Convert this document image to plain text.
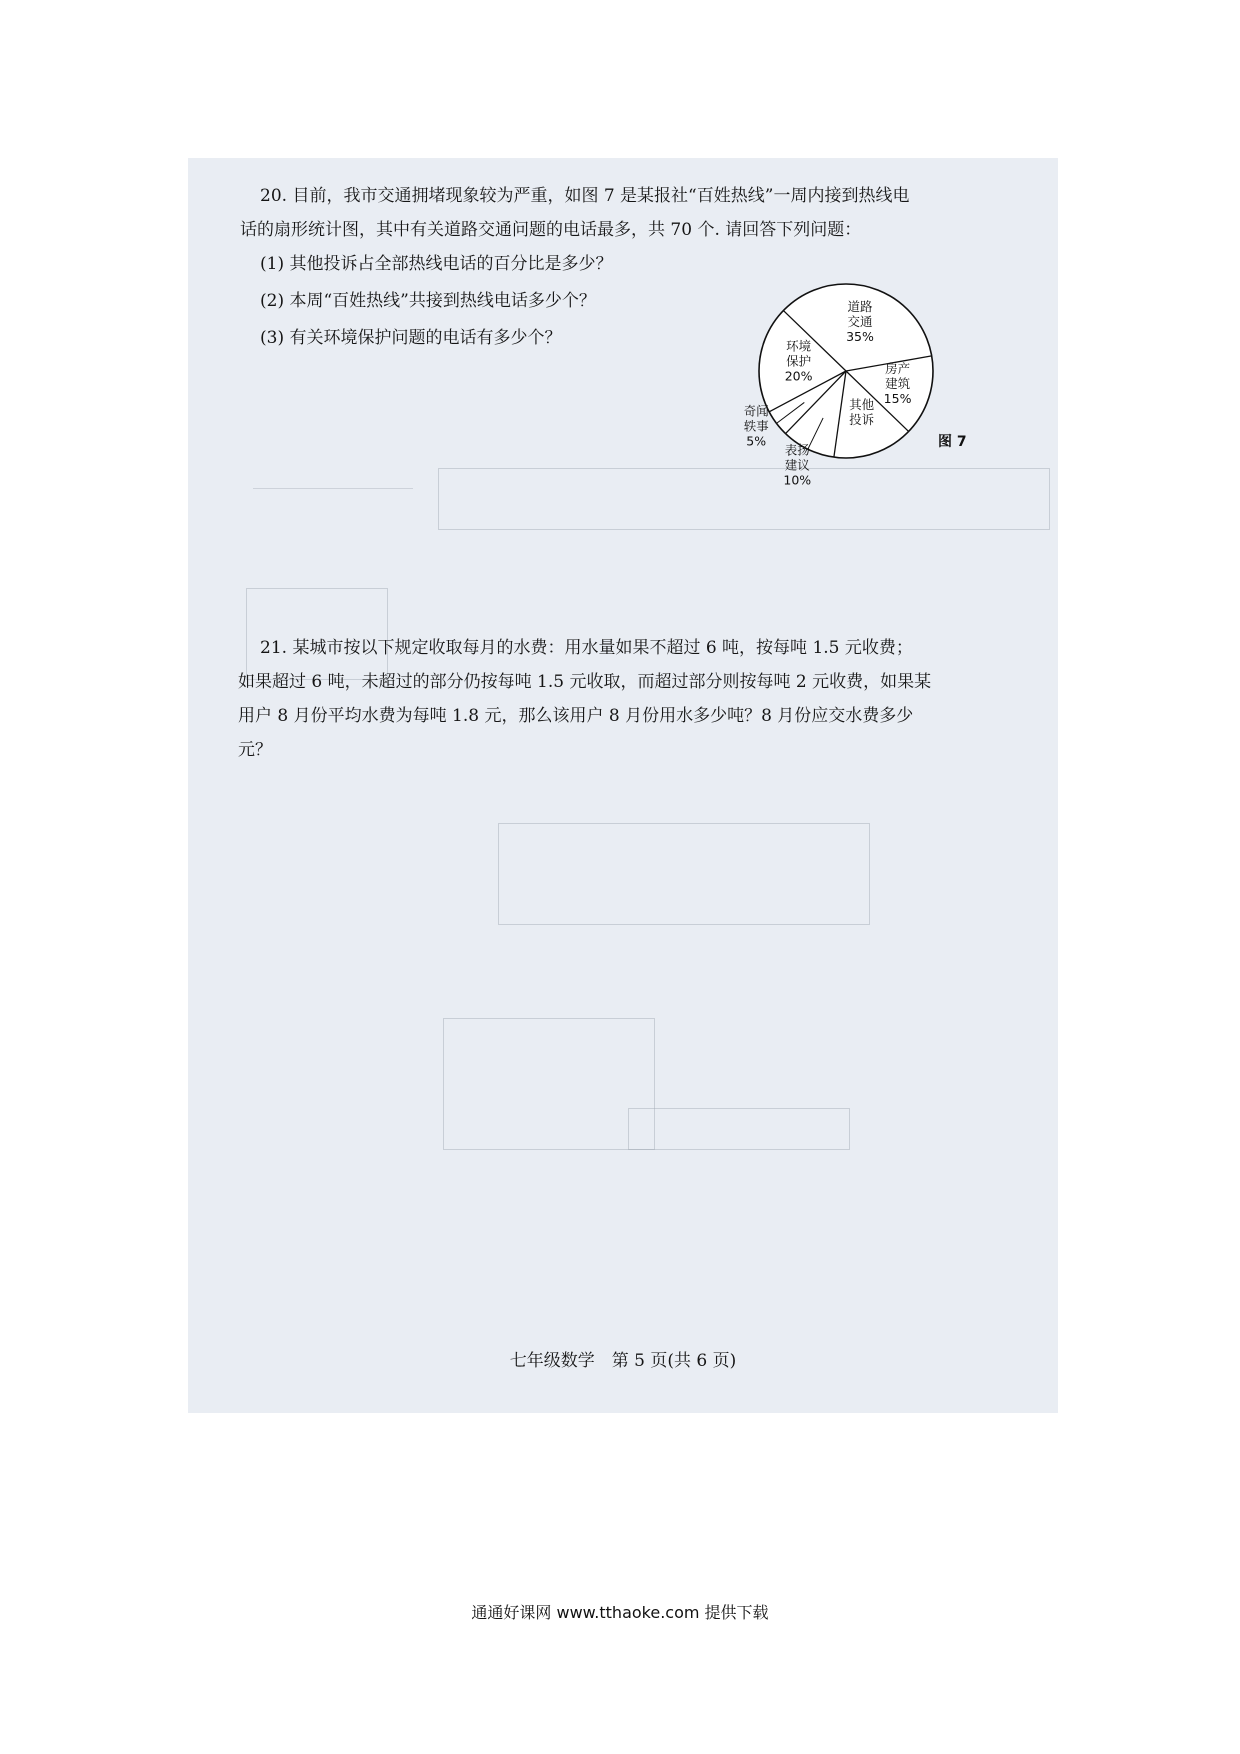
20. 目前，我市交通拥堵现象较为严重，如图 7 是某报社“百姓热线”一周内接到热线电
话的扇形统计图，其中有关道路交通问题的电话最多，共 70 个. 请回答下列问题：
(1) 其他投诉占全部热线电话的百分比是多少？
(2) 本周“百姓热线”共接到热线电话多少个？
(3) 有关环境保护问题的电话有多少个？
道路交通 35%
房产建筑 15%
其他投诉
表扬建议 10%
奇闻轶事 5%
环境保护 20%
图 7
21. 某城市按以下规定收取每月的水费：用水量如果不超过 6 吨，按每吨 1.5 元收费；
如果超过 6 吨，未超过的部分仍按每吨 1.5 元收取，而超过部分则按每吨 2 元收费，如果某
用户 8 月份平均水费为每吨 1.8 元，那么该用户 8 月份用水多少吨？8 月份应交水费多少
元？
七年级数学　第 5 页(共 6 页)
通通好课网 www.tthaoke.com 提供下载
